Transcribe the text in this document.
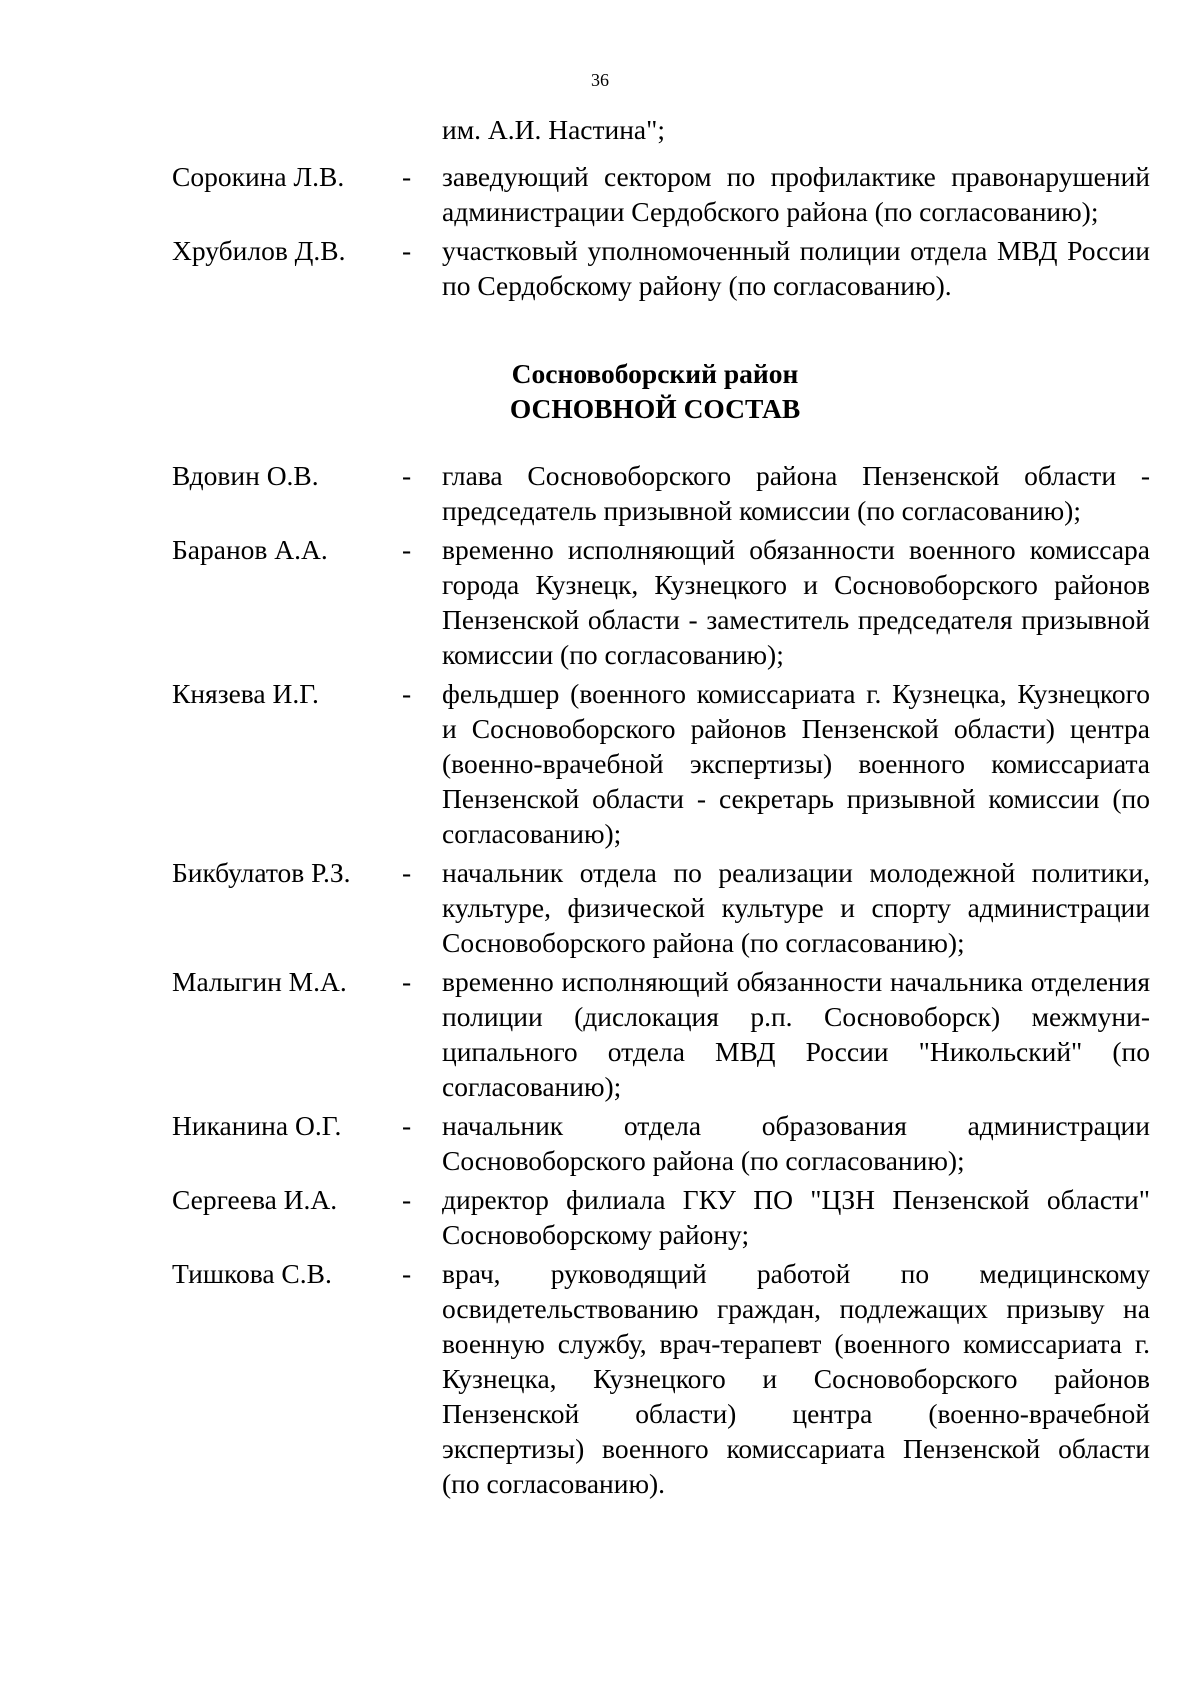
36
им. А.И. Настина";
Сорокина Л.В.	-	заведующий сектором по профилактике правонарушений администрации Сердобского района (по согласованию);
Хрубилов Д.В.	-	участковый уполномоченный полиции отдела МВД России по Сердобскому району (по согласованию).
Сосновоборский район
ОСНОВНОЙ СОСТАВ
Вдовин О.В.	-	глава Сосновоборского района Пензенской области - председатель призывной комиссии (по согласованию);
Баранов А.А.	-	временно исполняющий обязанности военного комиссара города Кузнецк, Кузнецкого и Сосновоборского районов Пензенской области - заместитель председателя призывной комиссии (по согласованию);
Князева И.Г.	-	фельдшер (военного комиссариата г. Кузнецка, Кузнецкого и Сосновоборского районов Пензенской области) центра (военно-врачебной экспертизы) военного комиссариата Пензенской области - секретарь призывной комиссии (по согласованию);
Бикбулатов Р.З.	-	начальник отдела по реализации молодежной политики, культуре, физической культуре и спорту администрации Сосновоборского района (по согласованию);
Малыгин М.А.	-	временно исполняющий обязанности начальника отделения полиции (дислокация р.п. Сосновоборск) межмуни-ципального отдела МВД России "Никольский" (по согласованию);
Никанина О.Г.	-	начальник отдела образования администрации Сосновоборского района (по согласованию);
Сергеева И.А.	-	директор филиала ГКУ ПО "ЦЗН Пензенской области" Сосновоборскому району;
Тишкова С.В.	-	врач, руководящий работой по медицинскому освидетельствованию граждан, подлежащих призыву на военную службу, врач-терапевт (военного комиссариата г. Кузнецка, Кузнецкого и Сосновоборского районов Пензенской области) центра (военно-врачебной экспертизы) военного комиссариата Пензенской области (по согласованию).
